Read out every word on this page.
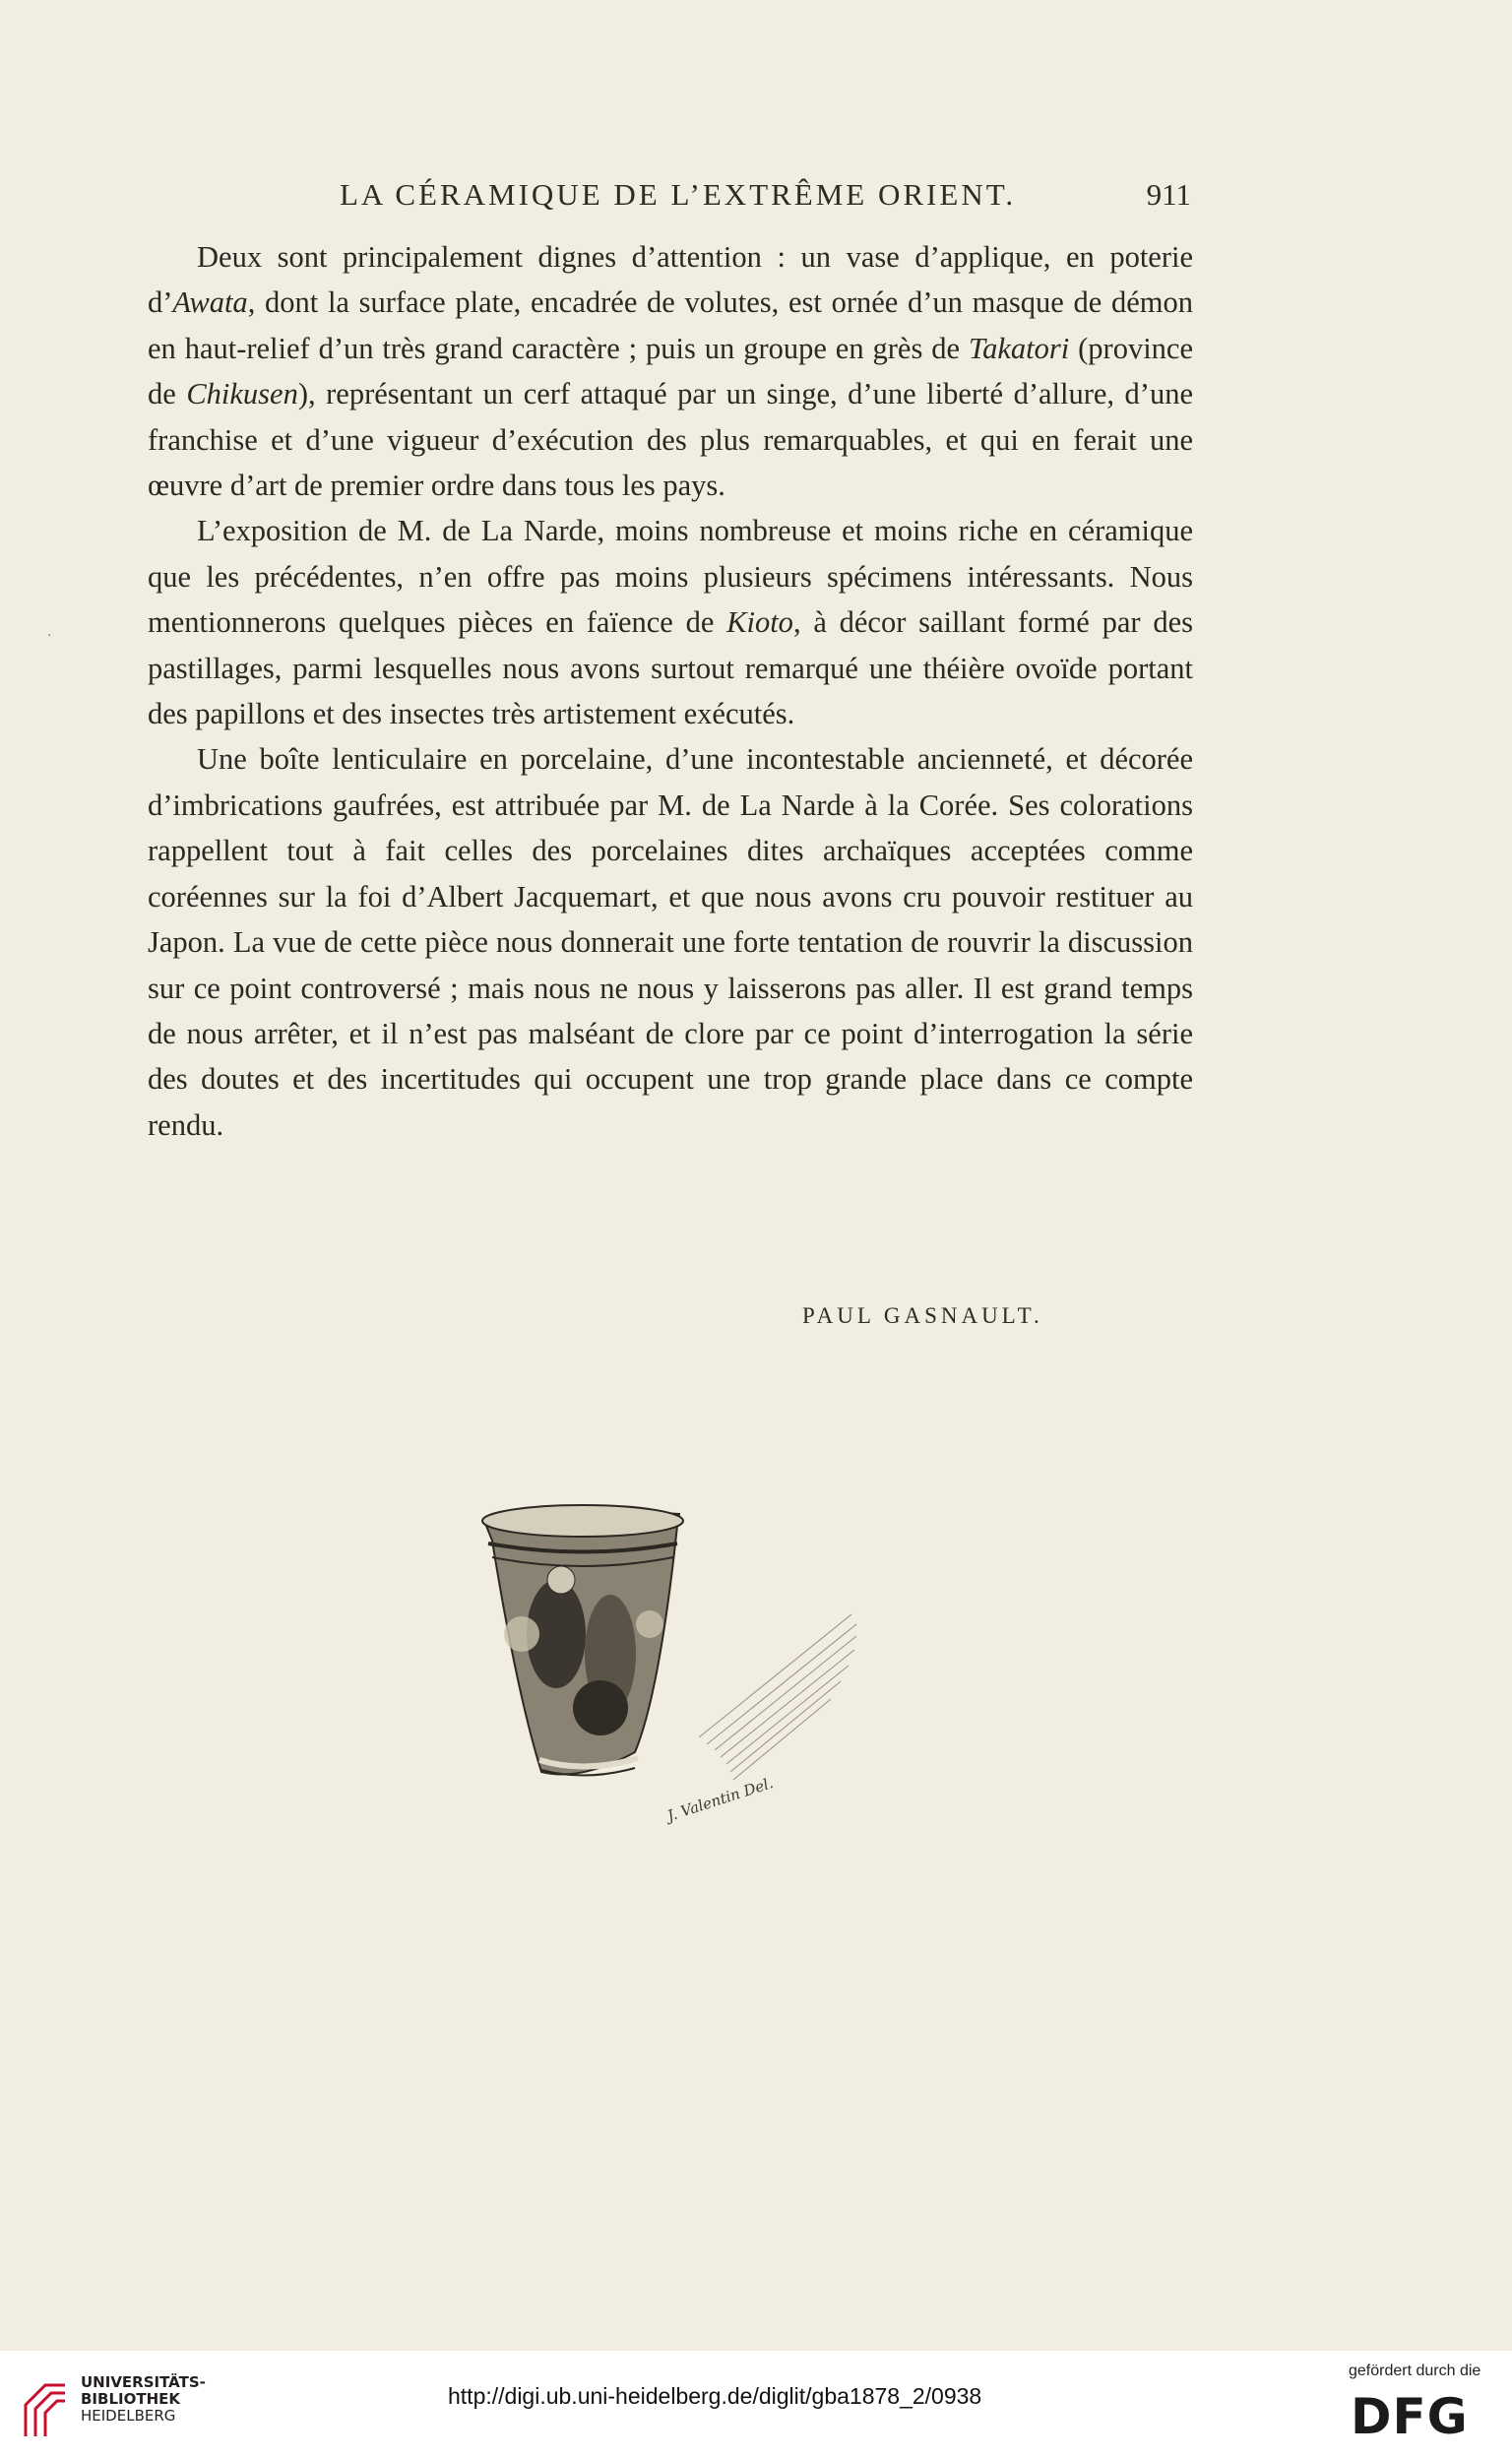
LA CÉRAMIQUE DE L’EXTRÊME ORIENT.	911

Deux sont principalement dignes d’attention : un vase d’applique, en poterie d’Awata, dont la surface plate, encadrée de volutes, est ornée d’un masque de démon en haut-relief d’un très grand caractère ; puis un groupe en grès de Takatori (province de Chikusen), représentant un cerf attaqué par un singe, d’une liberté d’allure, d’une franchise et d’une vigueur d’exécution des plus remarquables, et qui en ferait une œuvre d’art de premier ordre dans tous les pays.

L’exposition de M. de La Narde, moins nombreuse et moins riche en céramique que les précédentes, n’en offre pas moins plusieurs spécimens intéressants. Nous mentionnerons quelques pièces en faïence de Kioto, à décor saillant formé par des pastillages, parmi lesquelles nous avons surtout remarqué une théière ovoïde portant des papillons et des insectes très artistement exécutés.

Une boîte lenticulaire en porcelaine, d’une incontestable ancienneté, et décorée d’imbrications gaufrées, est attribuée par M. de La Narde à la Corée. Ses colorations rappellent tout à fait celles des porcelaines dites archaïques acceptées comme coréennes sur la foi d’Albert Jacquemart, et que nous avons cru pouvoir restituer au Japon. La vue de cette pièce nous donnerait une forte tentation de rouvrir la discussion sur ce point controversé ; mais nous ne nous y laisserons pas aller. Il est grand temps de nous arrêter, et il n’est pas malséant de clore par ce point d’interrogation la série des doutes et des incertitudes qui occupent une trop grande place dans ce compte rendu.

PAUL GASNAULT.
J. Valentin Del.
·
UNIVERSITÄTS-
BIBLIOTHEK
HEIDELBERG
http://digi.ub.uni-heidelberg.de/diglit/gba1878_2/0938
gefördert durch die
DFG
